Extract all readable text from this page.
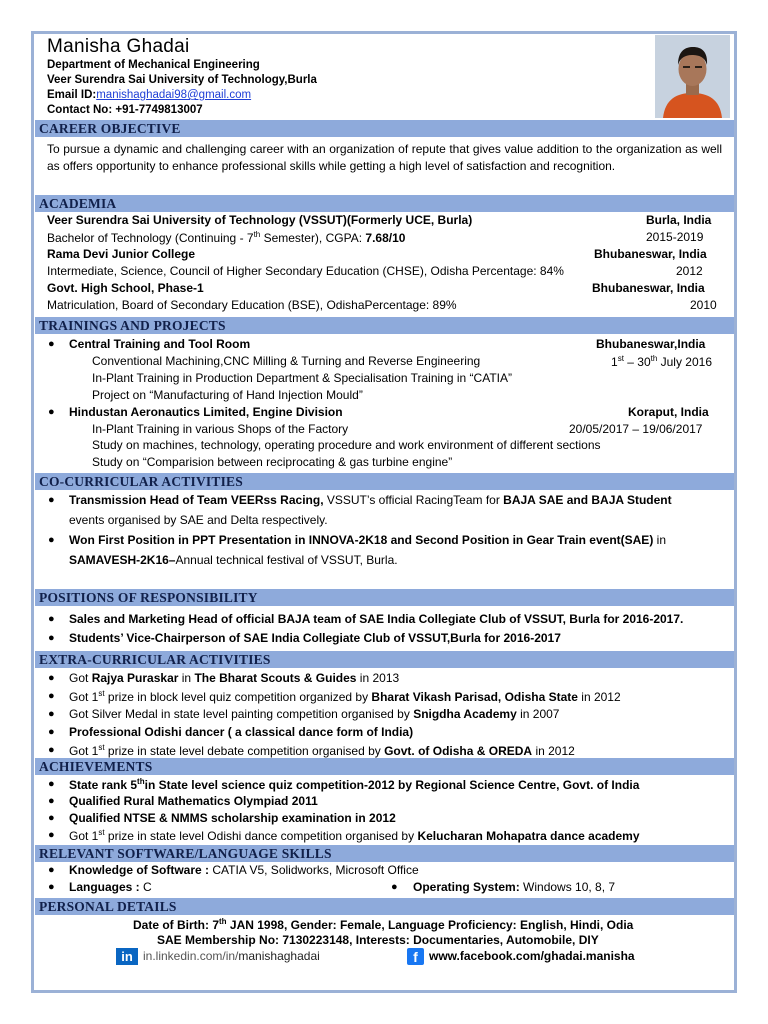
Manisha Ghadai
Department of Mechanical Engineering
Veer Surendra Sai University of Technology,Burla
Email ID:manishaghadai98@gmail.com
Contact No: +91-7749813007
CAREER OBJECTIVE
To pursue a dynamic and challenging career with an organization of repute that gives value addition to the organization as well as offers opportunity to enhance professional skills while getting a high level of satisfaction and recognition.
ACADEMIA
Veer Surendra Sai University of Technology (VSSUT)(Formerly UCE, Burla)	Burla, India
Bachelor of Technology (Continuing - 7th Semester), CGPA: 7.68/10	2015-2019
Rama Devi Junior College	Bhubaneswar, India
Intermediate, Science, Council of Higher Secondary Education (CHSE), Odisha Percentage: 84%	2012
Govt. High School, Phase-1	Bhubaneswar, India
Matriculation, Board of Secondary Education (BSE), OdishaPercentage: 89%	2010
TRAININGS AND PROJECTS
● Central Training and Tool Room	Bhubaneswar,India
Conventional Machining,CNC Milling & Turning and Reverse Engineering	1st – 30th July 2016
In-Plant Training in Production Department & Specialisation Training in “CATIA”
Project on “Manufacturing of Hand Injection Mould”
● Hindustan Aeronautics Limited, Engine Division	Koraput, India
In-Plant Training in various Shops of the Factory	20/05/2017 – 19/06/2017
Study on machines, technology, operating procedure and work environment of different sections
Study on “Comparision between reciprocating & gas turbine engine”
CO-CURRICULAR ACTIVITIES
● Transmission Head of Team VEERss Racing, VSSUT’s official RacingTeam for BAJA SAE and BAJA Student
events organised by SAE and Delta respectively.
● Won First Position in PPT Presentation in INNOVA-2K18 and Second Position in Gear Train event(SAE) in
SAMAVESH-2K16–Annual technical festival of VSSUT, Burla.
POSITIONS OF RESPONSIBILITY
● Sales and Marketing Head of official BAJA team of SAE India Collegiate Club of VSSUT, Burla for 2016-2017.
● Students’ Vice-Chairperson of SAE India Collegiate Club of VSSUT,Burla for 2016-2017
EXTRA-CURRICULAR ACTIVITIES
● Got Rajya Puraskar in The Bharat Scouts & Guides in 2013
● Got 1st prize in block level quiz competition organized by Bharat Vikash Parisad, Odisha State in 2012
● Got Silver Medal in state level painting competition organised by Snigdha Academy in 2007
● Professional Odishi dancer ( a classical dance form of India)
● Got 1st prize in state level debate competition organised by Govt. of Odisha & OREDA in 2012
ACHIEVEMENTS
● State rank 5thin State level science quiz competition-2012 by Regional Science Centre, Govt. of India
● Qualified Rural Mathematics Olympiad 2011
● Qualified NTSE & NMMS scholarship examination in 2012
● Got 1st prize in state level Odishi dance competition organised by Kelucharan Mohapatra dance academy
RELEVANT SOFTWARE/LANGUAGE SKILLS
● Knowledge of Software : CATIA V5, Solidworks, Microsoft Office
● Languages : C	● Operating System: Windows 10, 8, 7
PERSONAL DETAILS
Date of Birth: 7th JAN 1998, Gender: Female, Language Proficiency: English, Hindi, Odia
SAE Membership No: 7130223148, Interests: Documentaries, Automobile, DIY
in in.linkedin.com/in/manishaghadai	f www.facebook.com/ghadai.manisha
